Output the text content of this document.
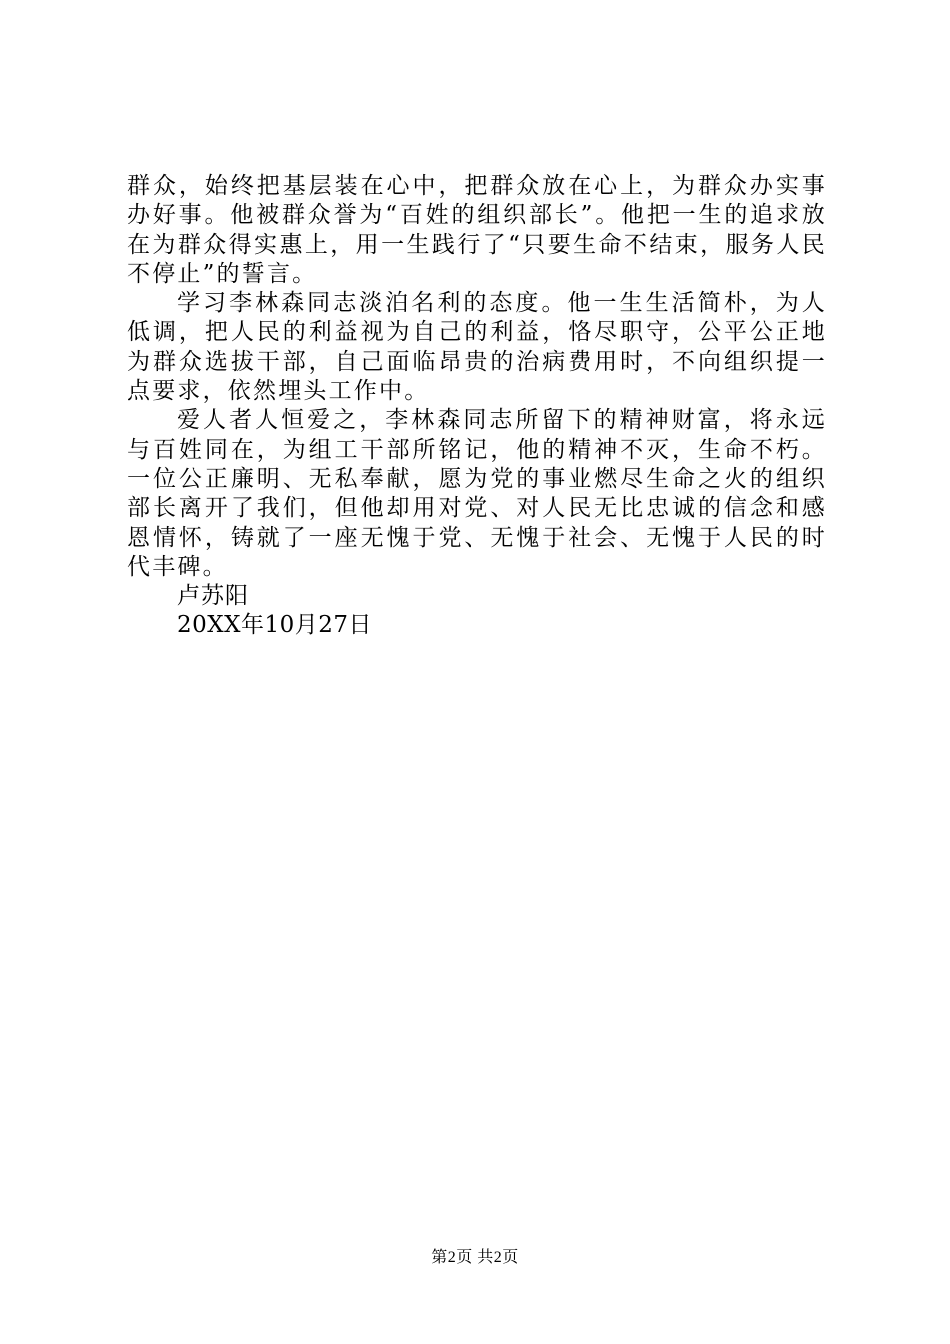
群众，始终把基层装在心中，把群众放在心上，为群众办实事办好事。他被群众誉为“百姓的组织部长”。他把一生的追求放在为群众得实惠上，用一生践行了“只要生命不结束，服务人民不停止”的誓言。

学习李林森同志淡泊名利的态度。他一生生活简朴，为人低调，把人民的利益视为自己的利益，恪尽职守，公平公正地为群众选拔干部，自己面临昂贵的治病费用时，不向组织提一点要求，依然埋头工作中。

爱人者人恒爱之，李林森同志所留下的精神财富，将永远与百姓同在，为组工干部所铭记，他的精神不灭，生命不朽。一位公正廉明、无私奉献，愿为党的事业燃尽生命之火的组织部长离开了我们，但他却用对党、对人民无比忠诚的信念和感恩情怀，铸就了一座无愧于党、无愧于社会、无愧于人民的时代丰碑。

卢苏阳

20XX年10月27日

第2页 共2页
